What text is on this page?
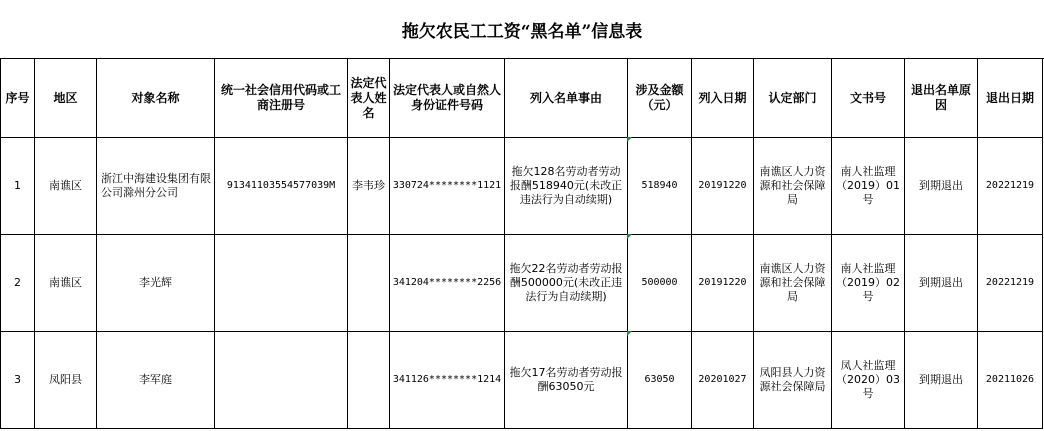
拖欠农民工工资“黑名单”信息表
序号	地区	对象名称	统一社会信用代码或工商注册号	法定代表人姓名	法定代表人或自然人身份证件号码	列入名单事由	涉及金额（元）	列入日期	认定部门	文书号	退出名单原因	退出日期
1	南谯区	浙江中海建设集团有限公司滁州分公司	91341103554577039M	李韦珍	330724********1121	拖欠128名劳动者劳动报酬518940元(未改正违法行为自动续期)	518940	20191220	南谯区人力资源和社会保障局	南人社监理（2019）01号	到期退出	20221219
2	南谯区	李光辉			341204********2256	拖欠22名劳动者劳动报酬500000元(未改正违法行为自动续期)	500000	20191220	南谯区人力资源和社会保障局	南人社监理（2019）02号	到期退出	20221219
3	凤阳县	李军庭			341126********1214	拖欠17名劳动者劳动报酬63050元	63050	20201027	凤阳县人力资源社会保障局	凤人社监理（2020）03号	到期退出	20211026
